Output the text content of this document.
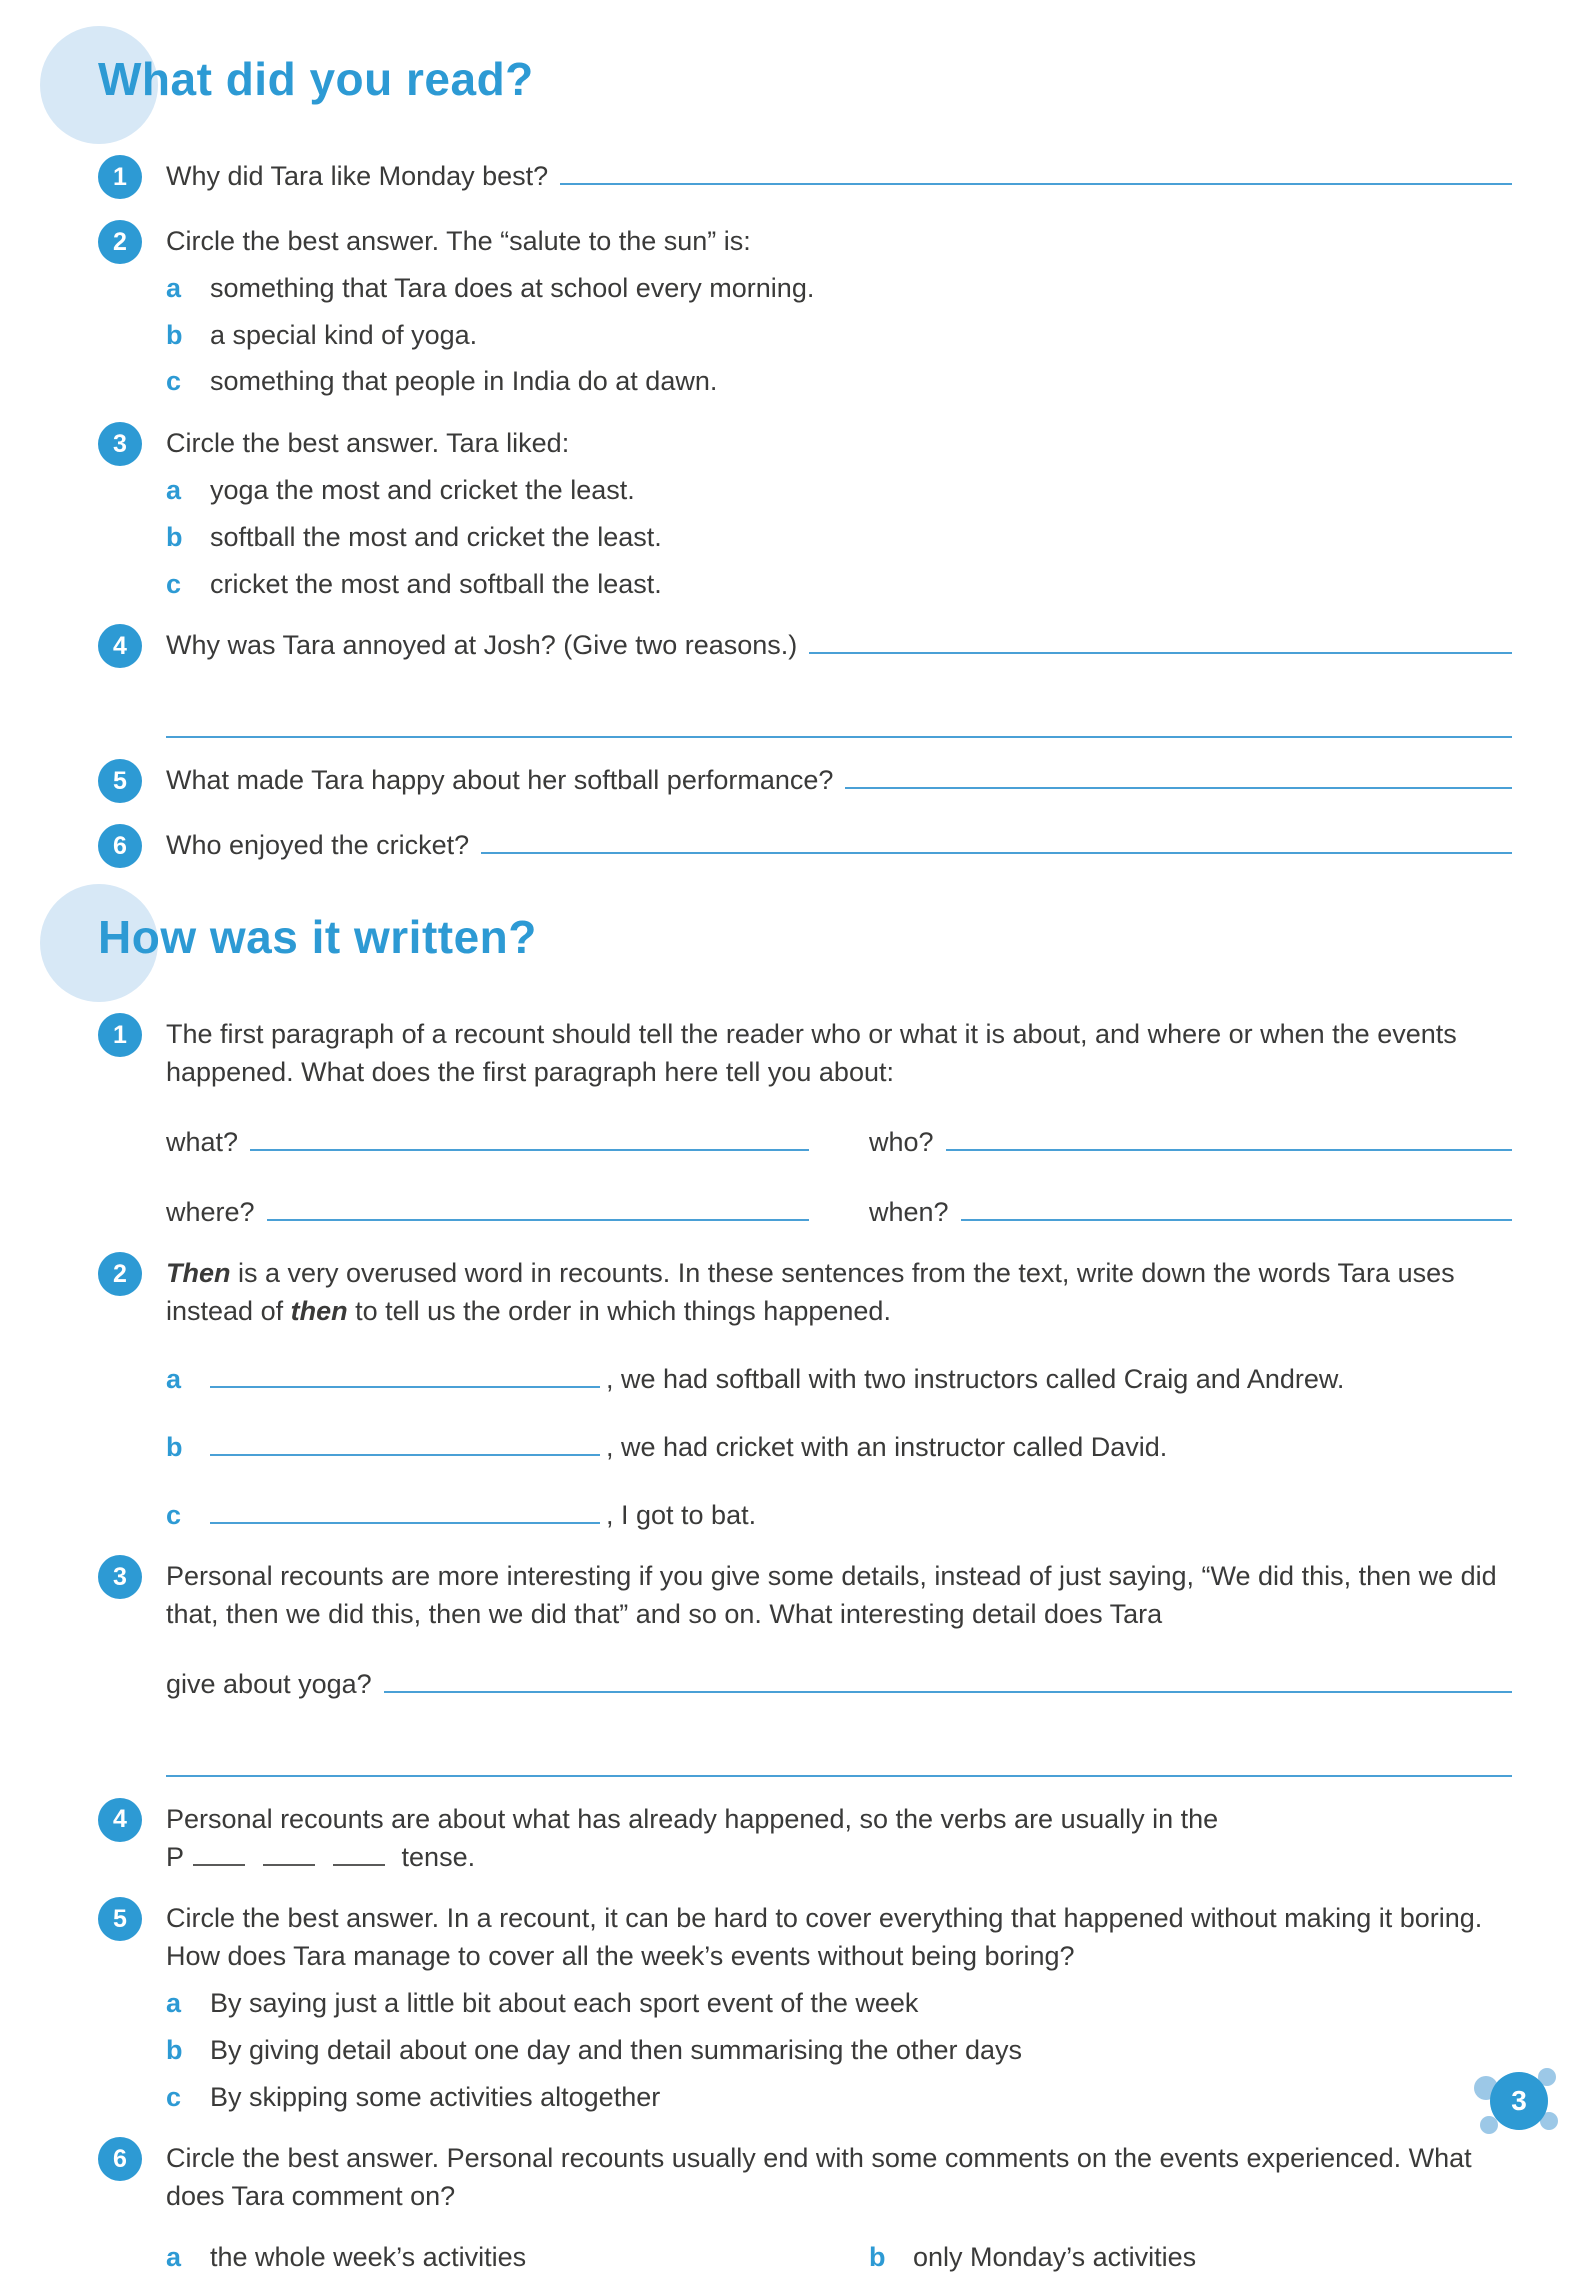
What did you read?
1	Why did Tara like Monday best?
2	Circle the best answer. The “salute to the sun” is:
a	something that Tara does at school every morning.
b	a special kind of yoga.
c	something that people in India do at dawn.
3	Circle the best answer. Tara liked:
a	yoga the most and cricket the least.
b	softball the most and cricket the least.
c	cricket the most and softball the least.
4	Why was Tara annoyed at Josh? (Give two reasons.)
5	What made Tara happy about her softball performance?
6	Who enjoyed the cricket?
How was it written?
1	The first paragraph of a recount should tell the reader who or what it is about, and where or when the events happened. What does the first paragraph here tell you about:
what?	who?
where?	when?
2	Then is a very overused word in recounts. In these sentences from the text, write down the words Tara uses instead of then to tell us the order in which things happened.
a	, we had softball with two instructors called Craig and Andrew.
b	, we had cricket with an instructor called David.
c	, I got to bat.
3	Personal recounts are more interesting if you give some details, instead of just saying, “We did this, then we did that, then we did this, then we did that” and so on. What interesting detail does Tara
give about yoga?
4	Personal recounts are about what has already happened, so the verbs are usually in the
P	tense.
5	Circle the best answer. In a recount, it can be hard to cover everything that happened without making it boring. How does Tara manage to cover all the week’s events without being boring?
a	By saying just a little bit about each sport event of the week
b	By giving detail about one day and then summarising the other days
c	By skipping some activities altogether
6	Circle the best answer. Personal recounts usually end with some comments on the events experienced. What does Tara comment on?
a	the whole week’s activities	b	only Monday’s activities
3
